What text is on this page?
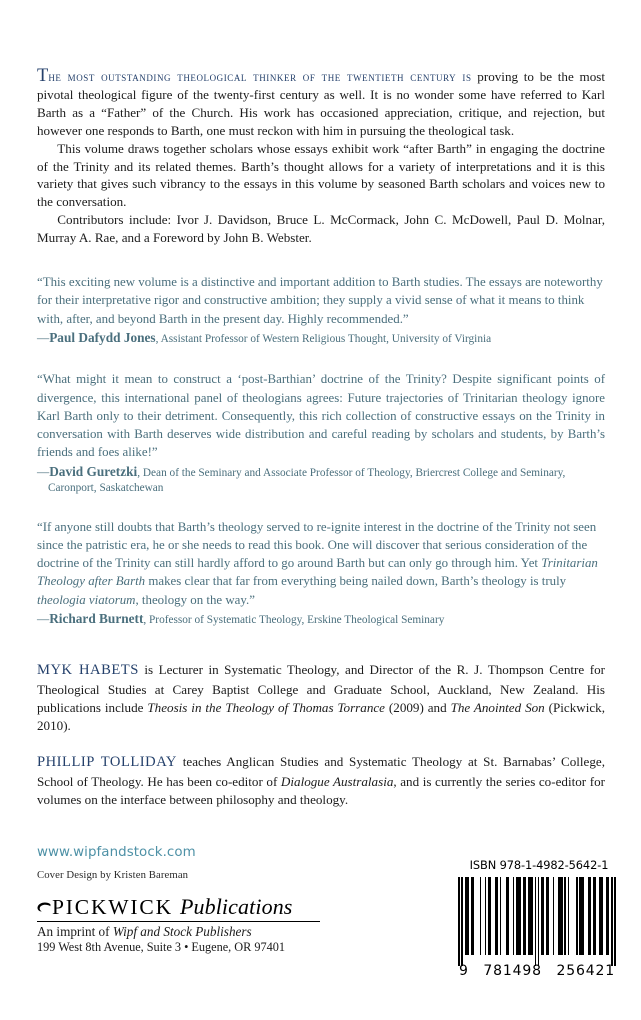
The most outstanding theological thinker of the twentieth century is proving to be the most pivotal theological figure of the twenty-first century as well. It is no wonder some have referred to Karl Barth as a “Father” of the Church. His work has occasioned appreciation, critique, and rejection, but however one responds to Barth, one must reckon with him in pursuing the theological task.

This volume draws together scholars whose essays exhibit work “after Barth” in engaging the doctrine of the Trinity and its related themes. Barth’s thought allows for a variety of interpretations and it is this variety that gives such vibrancy to the essays in this volume by seasoned Barth scholars and voices new to the conversation.

Contributors include: Ivor J. Davidson, Bruce L. McCormack, John C. McDowell, Paul D. Molnar, Murray A. Rae, and a Foreword by John B. Webster.

“This exciting new volume is a distinctive and important addition to Barth studies. The essays are noteworthy for their interpretative rigor and constructive ambition; they supply a vivid sense of what it means to think with, after, and beyond Barth in the present day. Highly recommended.”

—Paul Dafydd Jones, Assistant Professor of Western Religious Thought, University of Virginia

“What might it mean to construct a ‘post-Barthian’ doctrine of the Trinity? Despite significant points of divergence, this international panel of theologians agrees: Future trajectories of Trinitarian theology ignore Karl Barth only to their detriment. Consequently, this rich collection of constructive essays on the Trinity in conversation with Barth deserves wide distribution and careful reading by scholars and students, by Barth’s friends and foes alike!”

—David Guretzki, Dean of the Seminary and Associate Professor of Theology, Briercrest College and Seminary,
Caronport, Saskatchewan

“If anyone still doubts that Barth’s theology served to re-ignite interest in the doctrine of the Trinity not seen since the patristic era, he or she needs to read this book. One will discover that serious consideration of the doctrine of the Trinity can still hardly afford to go around Barth but can only go through him. Yet Trinitarian Theology after Barth makes clear that far from everything being nailed down, Barth’s theology is truly theologia viatorum, theology on the way.”

—Richard Burnett, Professor of Systematic Theology, Erskine Theological Seminary

MYK HABETS is Lecturer in Systematic Theology, and Director of the R. J. Thompson Centre for Theological Studies at Carey Baptist College and Graduate School, Auckland, New Zealand. His publications include Theosis in the Theology of Thomas Torrance (2009) and The Anointed Son (Pickwick, 2010).

PHILLIP TOLLIDAY teaches Anglican Studies and Systematic Theology at St. Barnabas’ College, School of Theology. He has been co-editor of Dialogue Australasia, and is currently the series co-editor for volumes on the interface between philosophy and theology.

www.wipfandstock.com

Cover Design by Kristen Bareman

PICKWICK Publications

An imprint of Wipf and Stock Publishers

199 West 8th Avenue, Suite 3 • Eugene, OR 97401

ISBN 978-1-4982-5642-1

9 781498 256421
